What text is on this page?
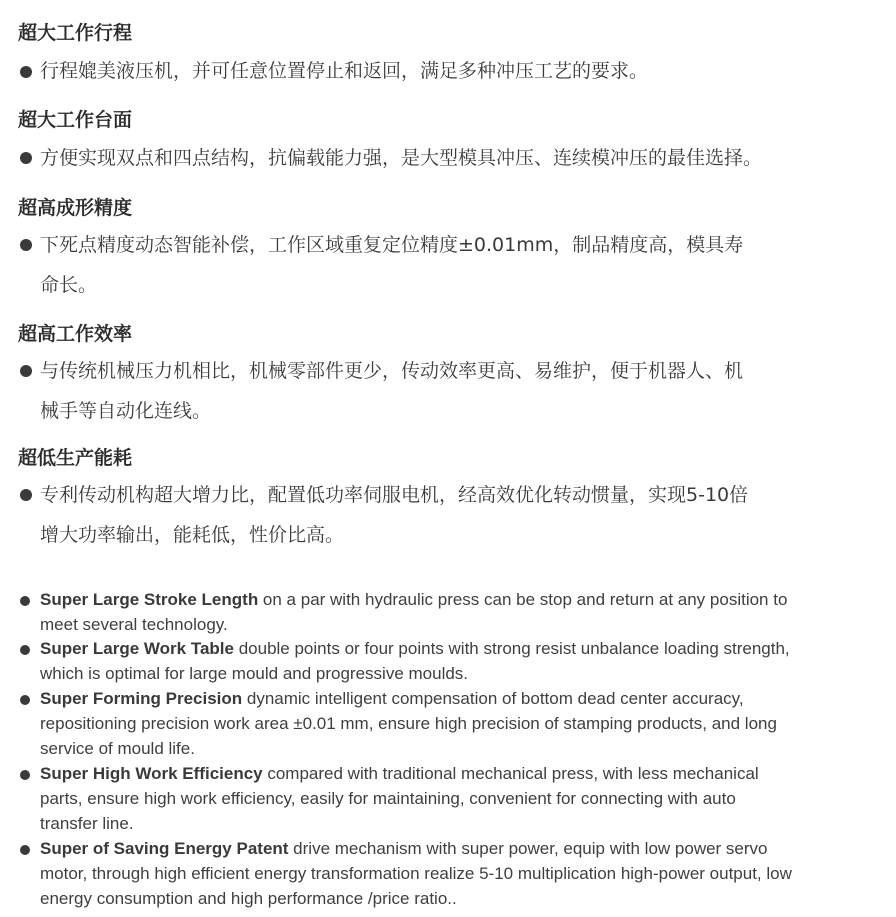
超大工作行程
行程媲美液压机，并可任意位置停止和返回，满足多种冲压工艺的要求。
超大工作台面
方便实现双点和四点结构，抗偏载能力强，是大型模具冲压、连续模冲压的最佳选择。
超高成形精度
下死点精度动态智能补偿，工作区域重复定位精度±0.01mm，制品精度高，模具寿
命长。
超高工作效率
与传统机械压力机相比，机械零部件更少，传动效率更高、易维护，便于机器人、机
械手等自动化连线。
超低生产能耗
专利传动机构超大增力比，配置低功率伺服电机，经高效优化转动惯量，实现5-10倍
增大功率输出，能耗低，性价比高。
Super Large Stroke Length on a par with hydraulic press can be stop and return at any position to
meet several technology.
Super Large Work Table double points or four points with strong resist unbalance loading strength,
which is optimal for large mould and progressive moulds.
Super Forming Precision dynamic intelligent compensation of bottom dead center accuracy,
repositioning precision work area ±0.01 mm, ensure high precision of stamping products, and long
service of mould life.
Super High Work Efficiency compared with traditional mechanical press, with less mechanical
parts, ensure high work efficiency, easily for maintaining, convenient for connecting with auto
transfer line.
Super of Saving Energy Patent drive mechanism with super power, equip with low power servo
motor, through high efficient energy transformation realize 5-10 multiplication high-power output, low
energy consumption and high performance /price ratio..
